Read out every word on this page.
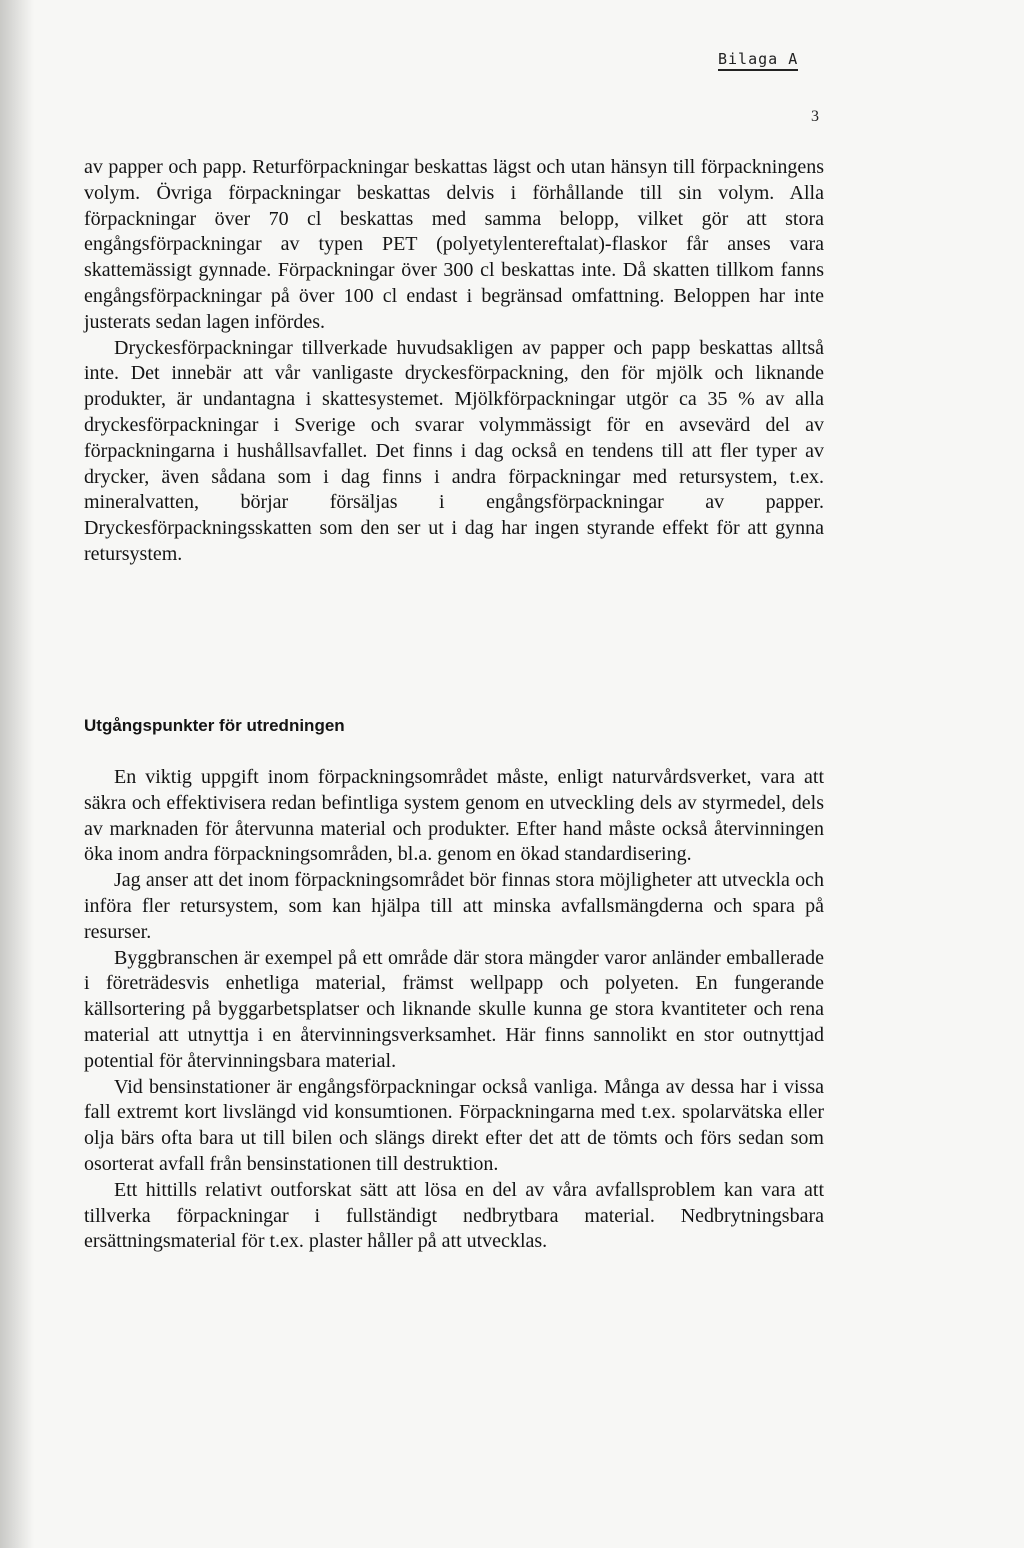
Bilaga A
3

av papper och papp. Returförpackningar beskattas lägst och utan hänsyn till förpackningens volym. Övriga förpackningar beskattas delvis i förhållande till sin volym. Alla förpackningar över 70 cl beskattas med samma belopp, vilket gör att stora engångsförpackningar av typen PET (polyetylentereftalat)-flaskor får anses vara skattemässigt gynnade. Förpackningar över 300 cl beskattas inte. Då skatten tillkom fanns engångsförpackningar på över 100 cl endast i begränsad omfattning. Beloppen har inte justerats sedan lagen infördes.

Dryckesförpackningar tillverkade huvudsakligen av papper och papp beskattas alltså inte. Det innebär att vår vanligaste dryckesförpackning, den för mjölk och liknande produkter, är undantagna i skattesystemet. Mjölkförpackningar utgör ca 35 % av alla dryckesförpackningar i Sverige och svarar volymmässigt för en avsevärd del av förpackningarna i hushållsavfallet. Det finns i dag också en tendens till att fler typer av drycker, även sådana som i dag finns i andra förpackningar med retursystem, t.ex. mineralvatten, börjar försäljas i engångsförpackningar av papper. Dryckesförpackningsskatten som den ser ut i dag har ingen styrande effekt för att gynna retursystem.

Utgångspunkter för utredningen

En viktig uppgift inom förpackningsområdet måste, enligt naturvårdsverket, vara att säkra och effektivisera redan befintliga system genom en utveckling dels av styrmedel, dels av marknaden för återvunna material och produkter. Efter hand måste också återvinningen öka inom andra förpackningsområden, bl.a. genom en ökad standardisering.

Jag anser att det inom förpackningsområdet bör finnas stora möjligheter att utveckla och införa fler retursystem, som kan hjälpa till att minska avfallsmängderna och spara på resurser.

Byggbranschen är exempel på ett område där stora mängder varor anländer emballerade i företrädesvis enhetliga material, främst wellpapp och polyeten. En fungerande källsortering på byggarbetsplatser och liknande skulle kunna ge stora kvantiteter och rena material att utnyttja i en återvinningsverksamhet. Här finns sannolikt en stor outnyttjad potential för återvinningsbara material.

Vid bensinstationer är engångsförpackningar också vanliga. Många av dessa har i vissa fall extremt kort livslängd vid konsumtionen. Förpackningarna med t.ex. spolarvätska eller olja bärs ofta bara ut till bilen och slängs direkt efter det att de tömts och förs sedan som osorterat avfall från bensinstationen till destruktion.

Ett hittills relativt outforskat sätt att lösa en del av våra avfallsproblem kan vara att tillverka förpackningar i fullständigt nedbrytbara material. Nedbrytningsbara ersättningsmaterial för t.ex. plaster håller på att utvecklas.
